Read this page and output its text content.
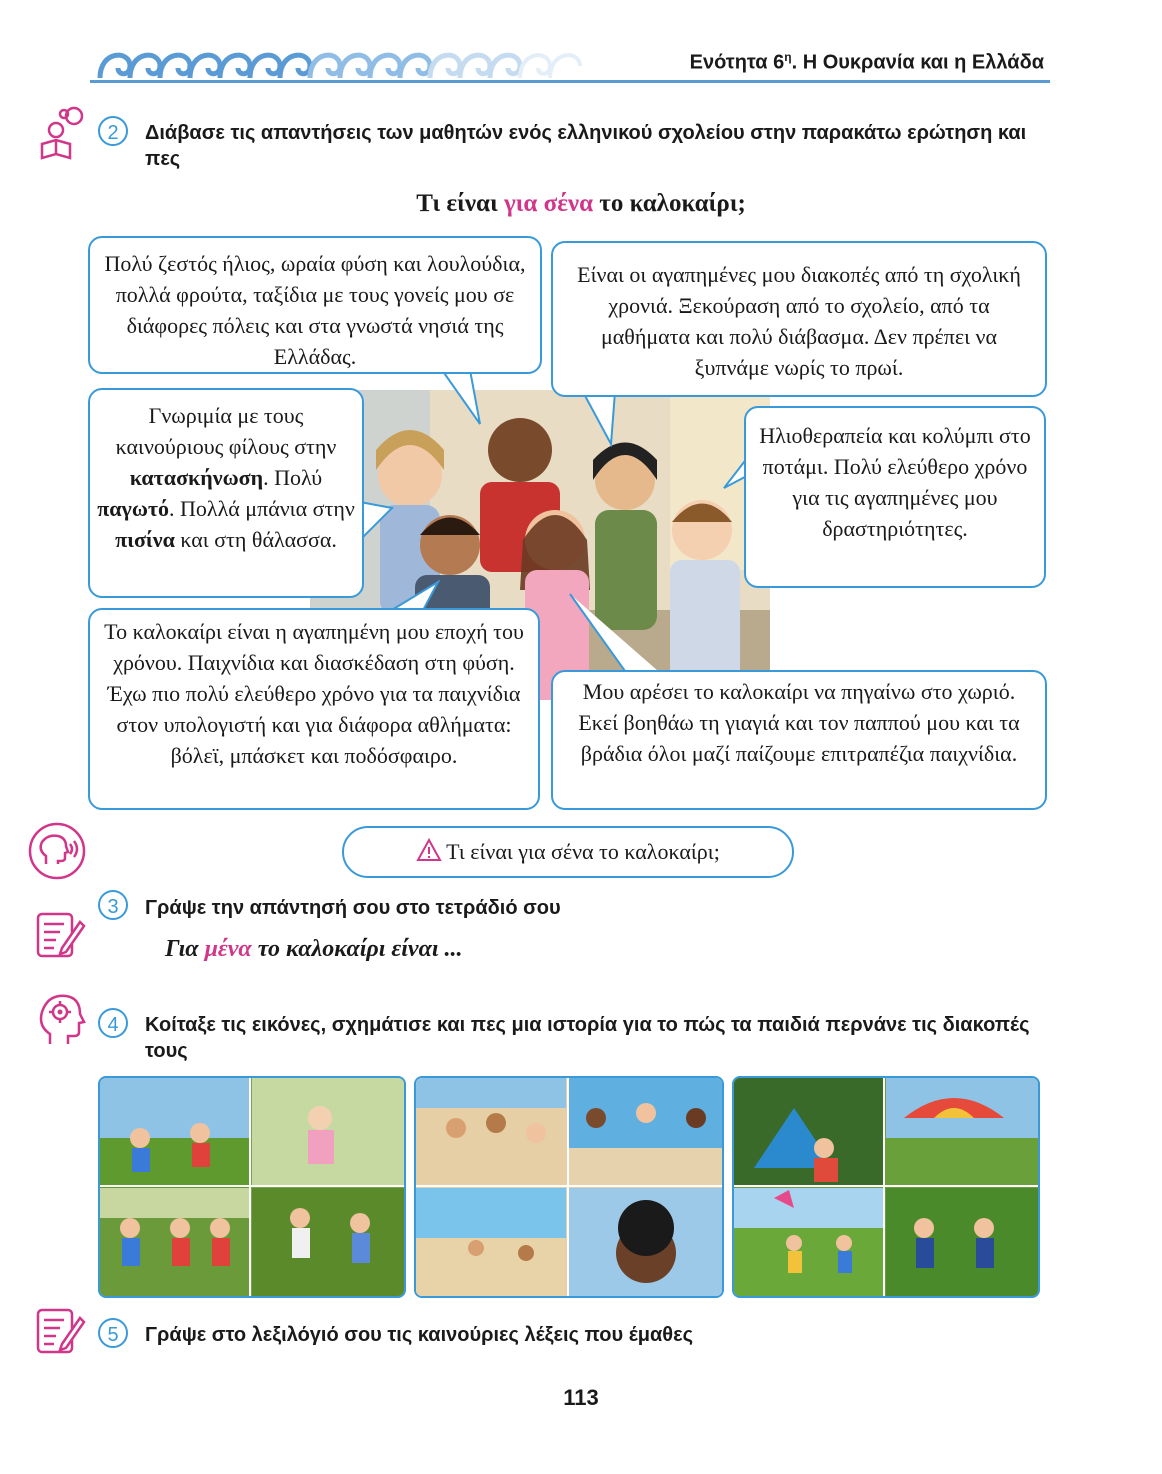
Ενότητα $6^\eta$. Η Ουκρανία και η Ελλάδα
2	Διάβασε τις απαντήσεις των μαθητών ενός ελληνικού σχολείου στην παρακάτω ερώτηση και πες
Τι είναι για σένα το καλοκαίρι;
Πολύ ζεστός ήλιος, ωραία φύση και λουλούδια, πολλά φρούτα, ταξίδια με τους γονείς μου σε διάφορες πόλεις και στα γνωστά νησιά της Ελλάδας.
Είναι οι αγαπημένες μου διακοπές από τη σχολική χρονιά. Ξεκούραση από το σχολείο, από τα μαθήματα και πολύ διάβασμα. Δεν πρέπει να ξυπνάμε νωρίς το πρωί.
Γνωριμία με τους καινούριους φίλους στην κατασκήνωση. Πολύ παγωτό. Πολλά μπάνια στην πισίνα και στη θάλασσα.
Ηλιοθεραπεία και κολύμπι στο ποτάμι. Πολύ ελεύθερο χρόνο για τις αγαπημένες μου δραστηριότητες.
Το καλοκαίρι είναι η αγαπημένη μου εποχή του χρόνου. Παιχνίδια και διασκέδαση στη φύση. Έχω πιο πολύ ελεύθερο χρόνο για τα παιχνίδια στον υπολογιστή και για διάφορα αθλήματα: βόλεϊ, μπάσκετ και ποδόσφαιρο.
Μου αρέσει το καλοκαίρι να πηγαίνω στο χωριό. Εκεί βοηθάω τη γιαγιά και τον παππού μου και τα βράδια όλοι μαζί παίζουμε επιτραπέζια παιχνίδια.
Τι είναι για σένα το καλοκαίρι;
3	Γράψε την απάντησή σου στο τετράδιό σου
Για μένα το καλοκαίρι είναι ...
4	Κοίταξε τις εικόνες, σχημάτισε και πες μια ιστορία για το πώς τα παιδιά περνάνε τις διακοπές τους
5	Γράψε στο λεξιλόγιό σου τις καινούριες λέξεις που έμαθες
113
